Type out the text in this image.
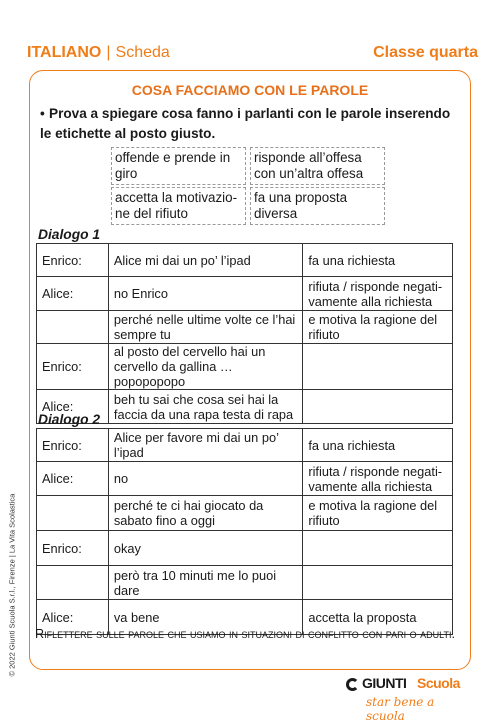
ITALIANO | Scheda	Classe quarta
COSA FACCIAMO CON LE PAROLE
• Prova a spiegare cosa fanno i parlanti con le parole inserendo le etichette al posto giusto.
offende e prende in giro
risponde all’offesa con un’altra offesa
accetta la motivazione del rifiuto
fa una proposta diversa
Dialogo 1
Enrico:	Alice mi dai un po’ l’ipad	fa una richiesta
Alice:	no Enrico	rifiuta / risponde negativamente alla richiesta
	perché nelle ultime volte ce l’hai sempre tu	e motiva la ragione del rifiuto
Enrico:	al posto del cervello hai un cervello da gallina … popopopopo	
Alice:	beh tu sai che cosa sei hai la faccia da una rapa testa di rapa	
Dialogo 2
Enrico:	Alice per favore mi dai un po’ l’ipad	fa una richiesta
Alice:	no	rifiuta / risponde negativamente alla richiesta
	perché te ci hai giocato da sabato fino a oggi	e motiva la ragione del rifiuto
Enrico:	okay	
	però tra 10 minuti me lo puoi dare	
Alice:	va bene	accetta la proposta
Riflettere sulle parole che usiamo in situazioni di conflitto con pari o adulti.
© 2022 Giunti Scuola S.r.l., Firenze | La Vita Scolastica
GIUNTI Scuola
star bene a scuola
